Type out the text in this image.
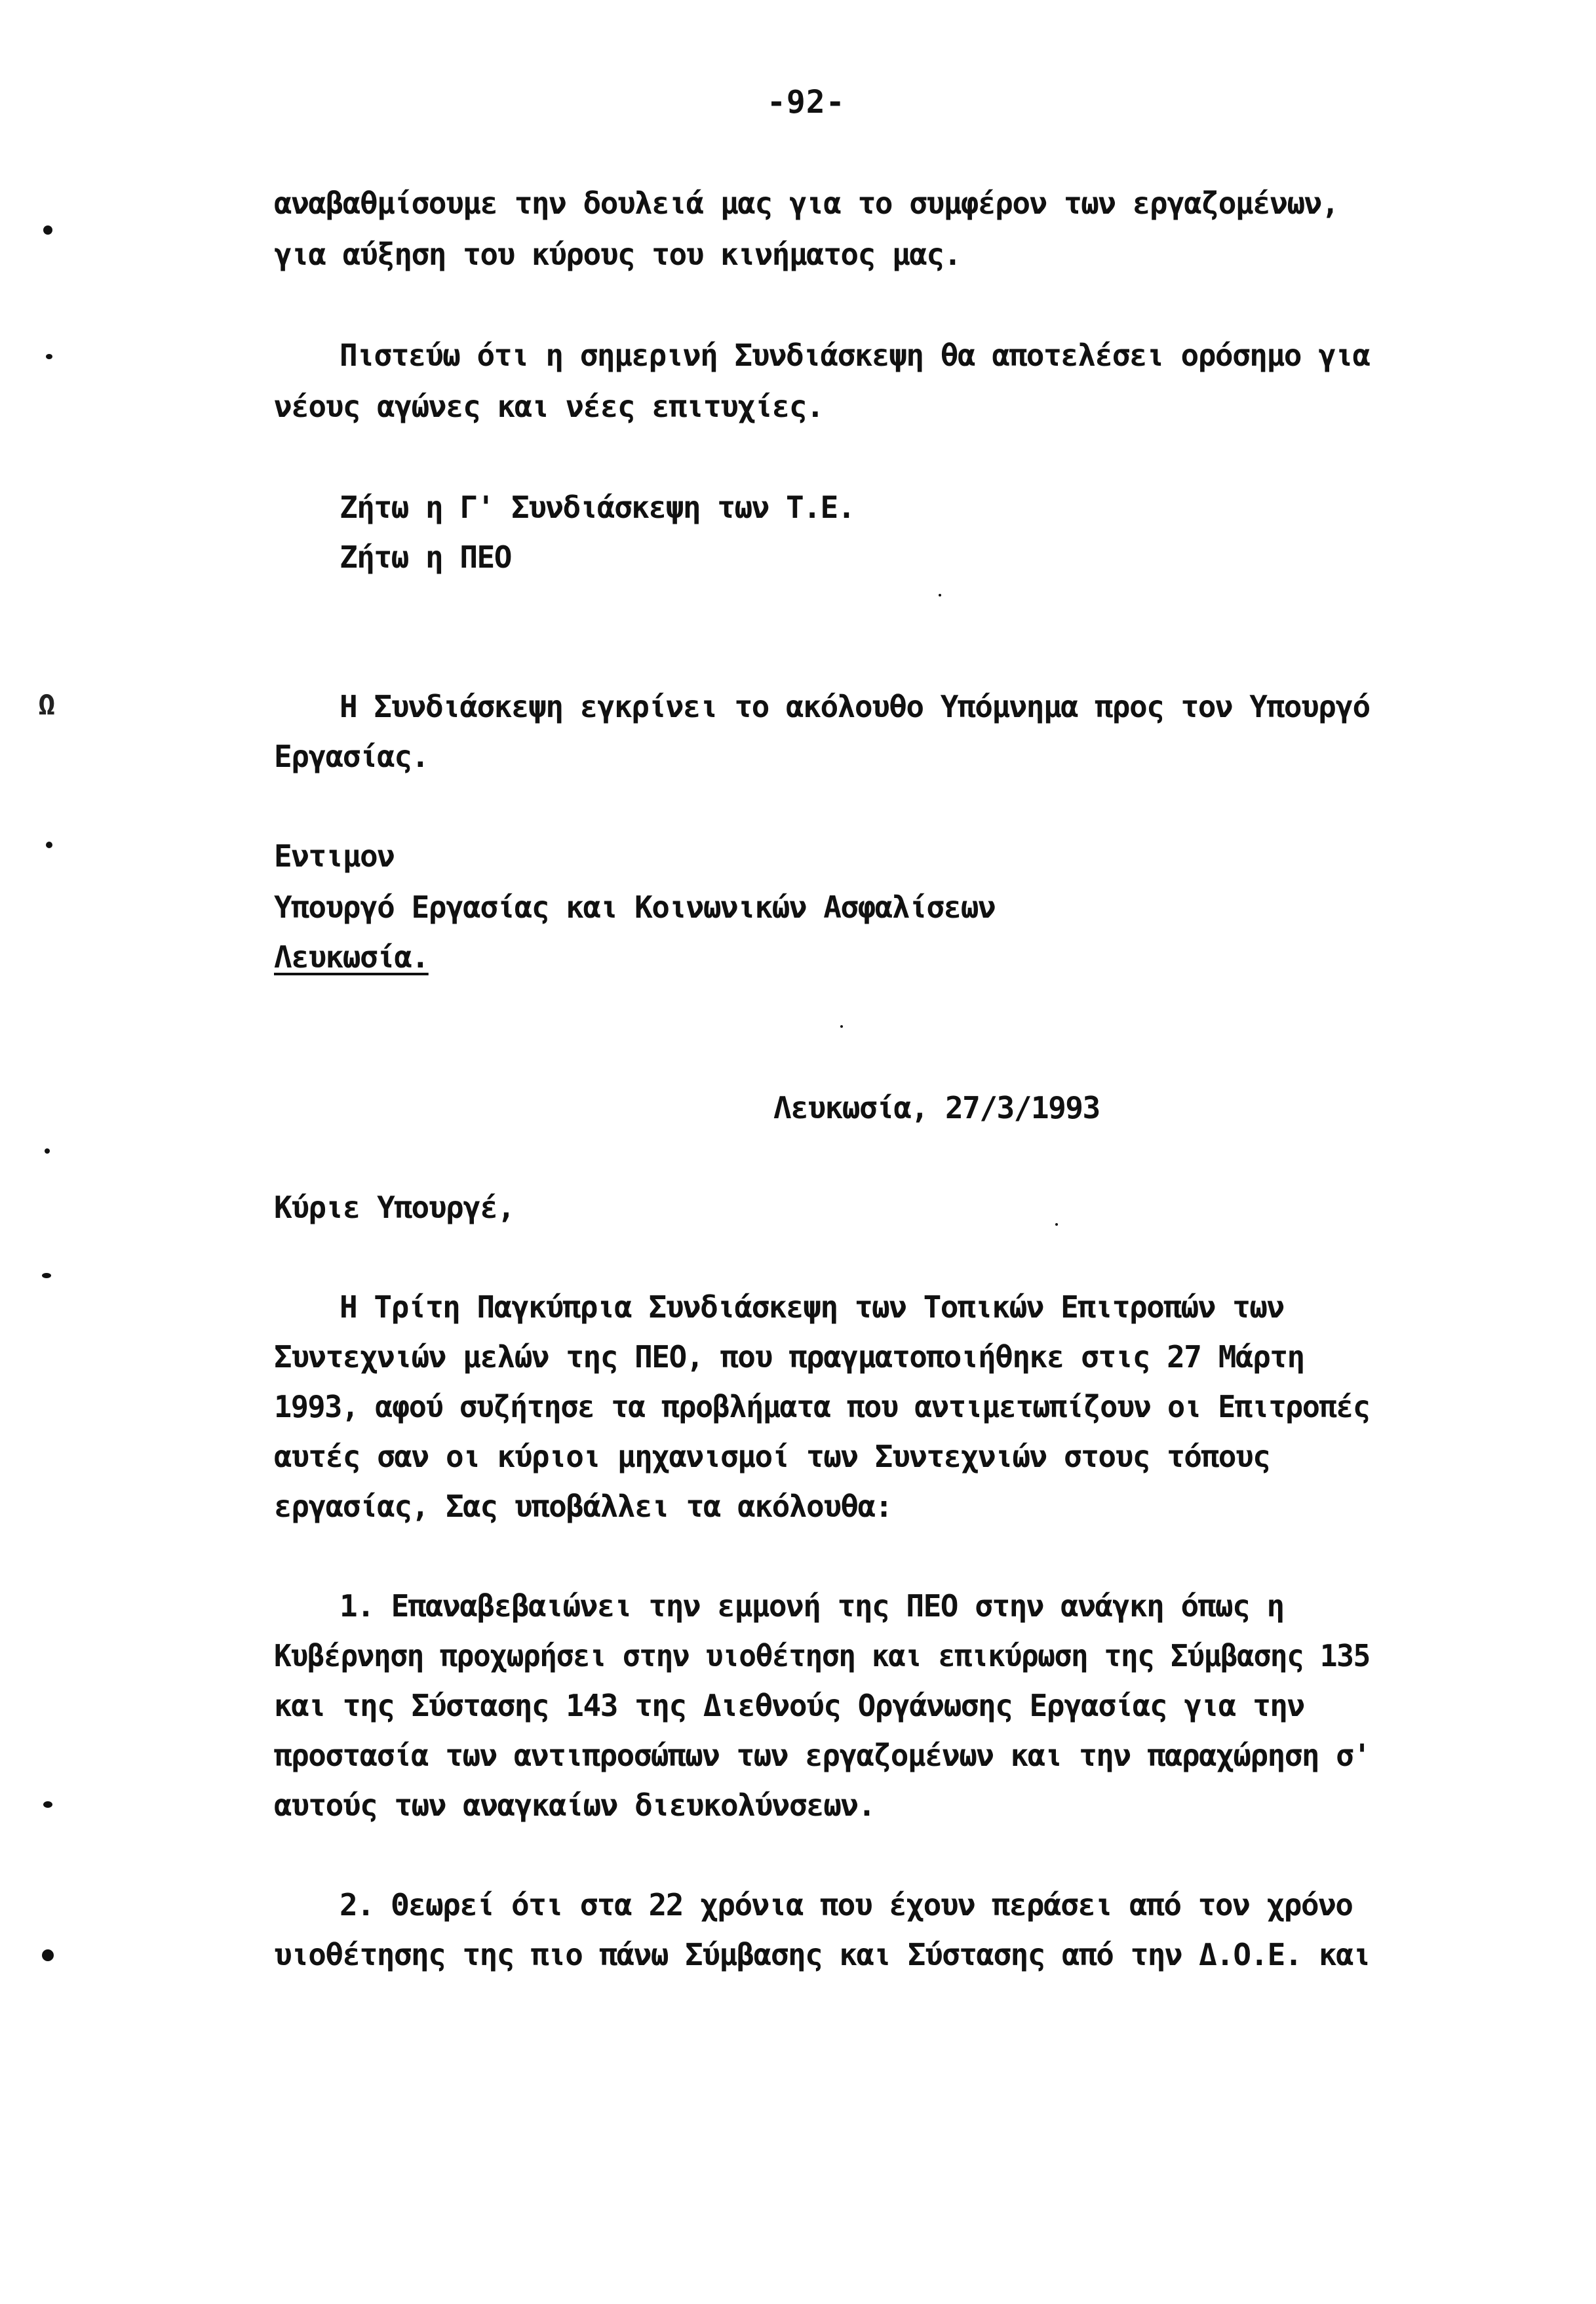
-92-
αναβαθμίσουμε την δουλειά μας για το συμφέρον των εργαζομένων,
για αύξηση του κύρους του κινήματος μας.
Πιστεύω ότι η σημερινή Συνδιάσκεψη θα αποτελέσει ορόσημο για
νέους αγώνες και νέες επιτυχίες.
Ζήτω η Γ' Συνδιάσκεψη των Τ.Ε.
Ζήτω η ΠΕΟ
Η Συνδιάσκεψη εγκρίνει το ακόλουθο Υπόμνημα προς τον Υπουργό
Εργασίας.
Εντιμον
Υπουργό Εργασίας και Κοινωνικών Ασφαλίσεων
Λευκωσία.
Λευκωσία, 27/3/1993
Κύριε Υπουργέ,
Η Τρίτη Παγκύπρια Συνδιάσκεψη των Τοπικών Επιτροπών των
Συντεχνιών μελών της ΠΕΟ, που πραγματοποιήθηκε στις 27 Μάρτη
1993, αφού συζήτησε τα προβλήματα που αντιμετωπίζουν οι Επιτροπές
αυτές σαν οι κύριοι μηχανισμοί των Συντεχνιών στους τόπους
εργασίας, Σας υποβάλλει τα ακόλουθα:
1. Επαναβεβαιώνει την εμμονή της ΠΕΟ στην ανάγκη όπως η
Κυβέρνηση προχωρήσει στην υιοθέτηση και επικύρωση της Σύμβασης 135
και της Σύστασης 143 της Διεθνούς Οργάνωσης Εργασίας για την
προστασία των αντιπροσώπων των εργαζομένων και την παραχώρηση σ'
αυτούς των αναγκαίων διευκολύνσεων.
2. Θεωρεί ότι στα 22 χρόνια που έχουν περάσει από τον χρόνο
υιοθέτησης της πιο πάνω Σύμβασης και Σύστασης από την Δ.Ο.Ε. και
Ω
